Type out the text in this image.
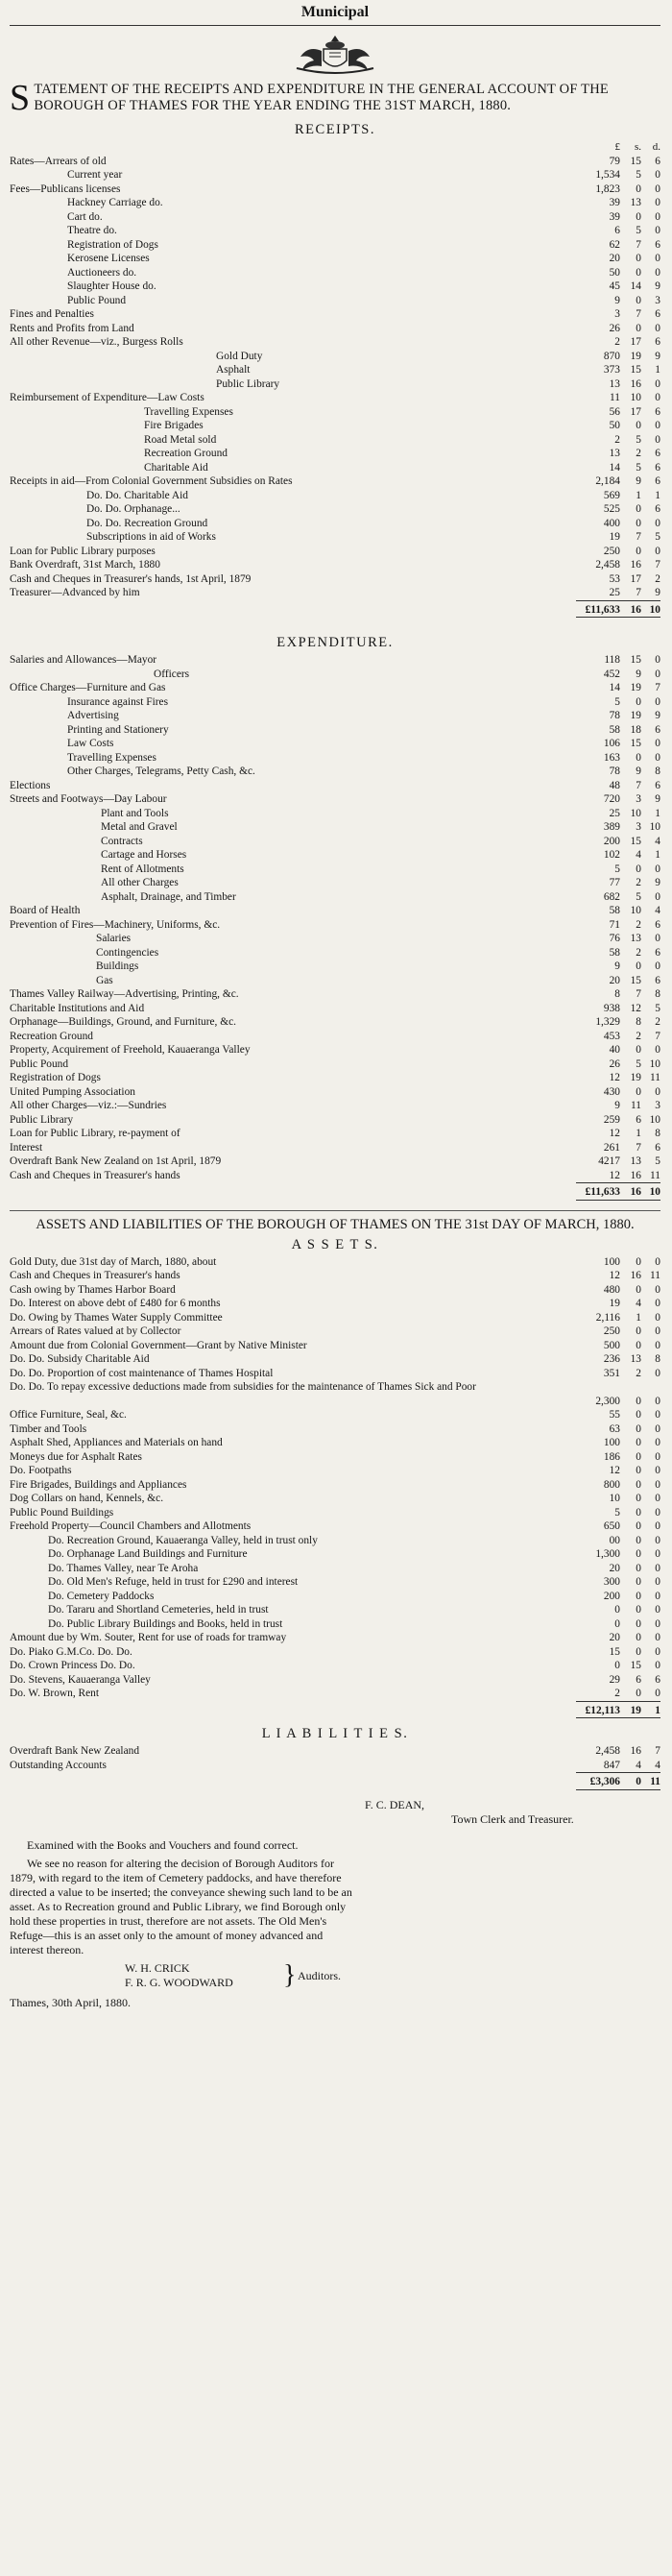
Municipal
STATEMENT OF THE RECEIPTS AND EXPENDITURE IN THE GENERAL ACCOUNT OF THE BOROUGH OF THAMES FOR THE YEAR ENDING THE 31ST MARCH, 1880.
RECEIPTS.
	£	s.	d.
Rates—Arrears of old	79	15	6
Current year	1,534	5	0
Fees—Publicans licenses	1,823	0	0
Hackney Carriage do.	39	13	0
Cart do.	39	0	0
Theatre do.	6	5	0
Registration of Dogs	62	7	6
Kerosene Licenses	20	0	0
Auctioneers do.	50	0	0
Slaughter House do.	45	14	9
Public Pound	9	0	3
Fines and Penalties	3	7	6
Rents and Profits from Land	26	0	0
All other Revenue—viz., Burgess Rolls	2	17	6
Gold Duty	870	19	9
Asphalt	373	15	1
Public Library	13	16	0
Reimbursement of Expenditure—Law Costs	11	10	0
Travelling Expenses	56	17	6
Fire Brigades	50	0	0
Road Metal sold	2	5	0
Recreation Ground	13	2	6
Charitable Aid	14	5	6
Receipts in aid—From Colonial Government Subsidies on Rates	2,184	9	6
Do. Do. Charitable Aid	569	1	1
Do. Do. Orphanage...	525	0	6
Do. Do. Recreation Ground	400	0	0
Subscriptions in aid of Works	19	7	5
Loan for Public Library purposes	250	0	0
Bank Overdraft, 31st March, 1880	2,458	16	7
Cash and Cheques in Treasurer's hands, 1st April, 1879	53	17	2
Treasurer—Advanced by him	25	7	9
	£11,633	16	10
EXPENDITURE.
Salaries and Allowances—Mayor	118	15	0
Officers	452	9	0
Office Charges—Furniture and Gas	14	19	7
Insurance against Fires	5	0	0
Advertising	78	19	9
Printing and Stationery	58	18	6
Law Costs	106	15	0
Travelling Expenses	163	0	0
Other Charges, Telegrams, Petty Cash, &c.	78	9	8
Elections	48	7	6
Streets and Footways—Day Labour	720	3	9
Plant and Tools	25	10	1
Metal and Gravel	389	3	10
Contracts	200	15	4
Cartage and Horses	102	4	1
Rent of Allotments	5	0	0
All other Charges	77	2	9
Asphalt, Drainage, and Timber	682	5	0
Board of Health	58	10	4
Prevention of Fires—Machinery, Uniforms, &c.	71	2	6
Salaries	76	13	0
Contingencies	58	2	6
Buildings	9	0	0
Gas	20	15	6
Thames Valley Railway—Advertising, Printing, &c.	8	7	8
Charitable Institutions and Aid	938	12	5
Orphanage—Buildings, Ground, and Furniture, &c.	1,329	8	2
Recreation Ground	453	2	7
Property, Acquirement of Freehold, Kauaeranga Valley	40	0	0
Public Pound	26	5	10
Registration of Dogs	12	19	11
United Pumping Association	430	0	0
All other Charges—viz.:—Sundries	9	11	3
Public Library	259	6	10
Loan for Public Library, re-payment of	12	1	8
Interest	261	7	6
Overdraft Bank New Zealand on 1st April, 1879	4217	13	5
Cash and Cheques in Treasurer's hands	12	16	11
	£11,633	16	10
ASSETS AND LIABILITIES OF THE BOROUGH OF THAMES ON THE 31st DAY OF MARCH, 1880.
A S S E T S.
Gold Duty, due 31st day of March, 1880, about	100	0	0
Cash and Cheques in Treasurer's hands	12	16	11
Cash owing by Thames Harbor Board	480	0	0
Do. Interest on above debt of £480 for 6 months	19	4	0
Do. Owing by Thames Water Supply Committee	2,116	1	0
Arrears of Rates valued at by Collector	250	0	0
Amount due from Colonial Government—Grant by Native Minister	500	0	0
Do. Do. Subsidy Charitable Aid	236	13	8
Do. Do. Proportion of cost maintenance of Thames Hospital	351	2	0
Do. Do. To repay excessive deductions made from subsidies for the maintenance of Thames Sick and Poor			
	2,300	0	0
Office Furniture, Seal, &c.	55	0	0
Timber and Tools	63	0	0
Asphalt Shed, Appliances and Materials on hand	100	0	0
Moneys due for Asphalt Rates	186	0	0
Do. Footpaths	12	0	0
Fire Brigades, Buildings and Appliances	800	0	0
Dog Collars on hand, Kennels, &c.	10	0	0
Public Pound Buildings	5	0	0
Freehold Property—Council Chambers and Allotments	650	0	0
Do. Recreation Ground, Kauaeranga Valley, held in trust only	00	0	0
Do. Orphanage Land Buildings and Furniture	1,300	0	0
Do. Thames Valley, near Te Aroha	20	0	0
Do. Old Men's Refuge, held in trust for £290 and interest	300	0	0
Do. Cemetery Paddocks	200	0	0
Do. Tararu and Shortland Cemeteries, held in trust	0	0	0
Do. Public Library Buildings and Books, held in trust	0	0	0
Amount due by Wm. Souter, Rent for use of roads for tramway	20	0	0
Do. Piako G.M.Co. Do. Do.	15	0	0
Do. Crown Princess Do. Do.	0	15	0
Do. Stevens, Kauaeranga Valley	29	6	6
Do. W. Brown, Rent	2	0	0
	£12,113	19	1
L I A B I L I T I E S.
Overdraft Bank New Zealand	2,458	16	7
Outstanding Accounts	847	4	4
	£3,306	0	11
F. C. DEAN,
Town Clerk and Treasurer.

Examined with the Books and Vouchers and found correct.

We see no reason for altering the decision of Borough Auditors for 1879, with regard to the item of Cemetery paddocks, and have therefore directed a value to be inserted; the conveyance shewing such land to be an asset. As to Recreation ground and Public Library, we find Borough only hold these properties in trust, therefore are not assets. The Old Men's Refuge—this is an asset only to the amount of money advanced and interest thereon.

W. H. CRICK
F. R. G. WOODWARD	} Auditors.
Thames, 30th April, 1880.
